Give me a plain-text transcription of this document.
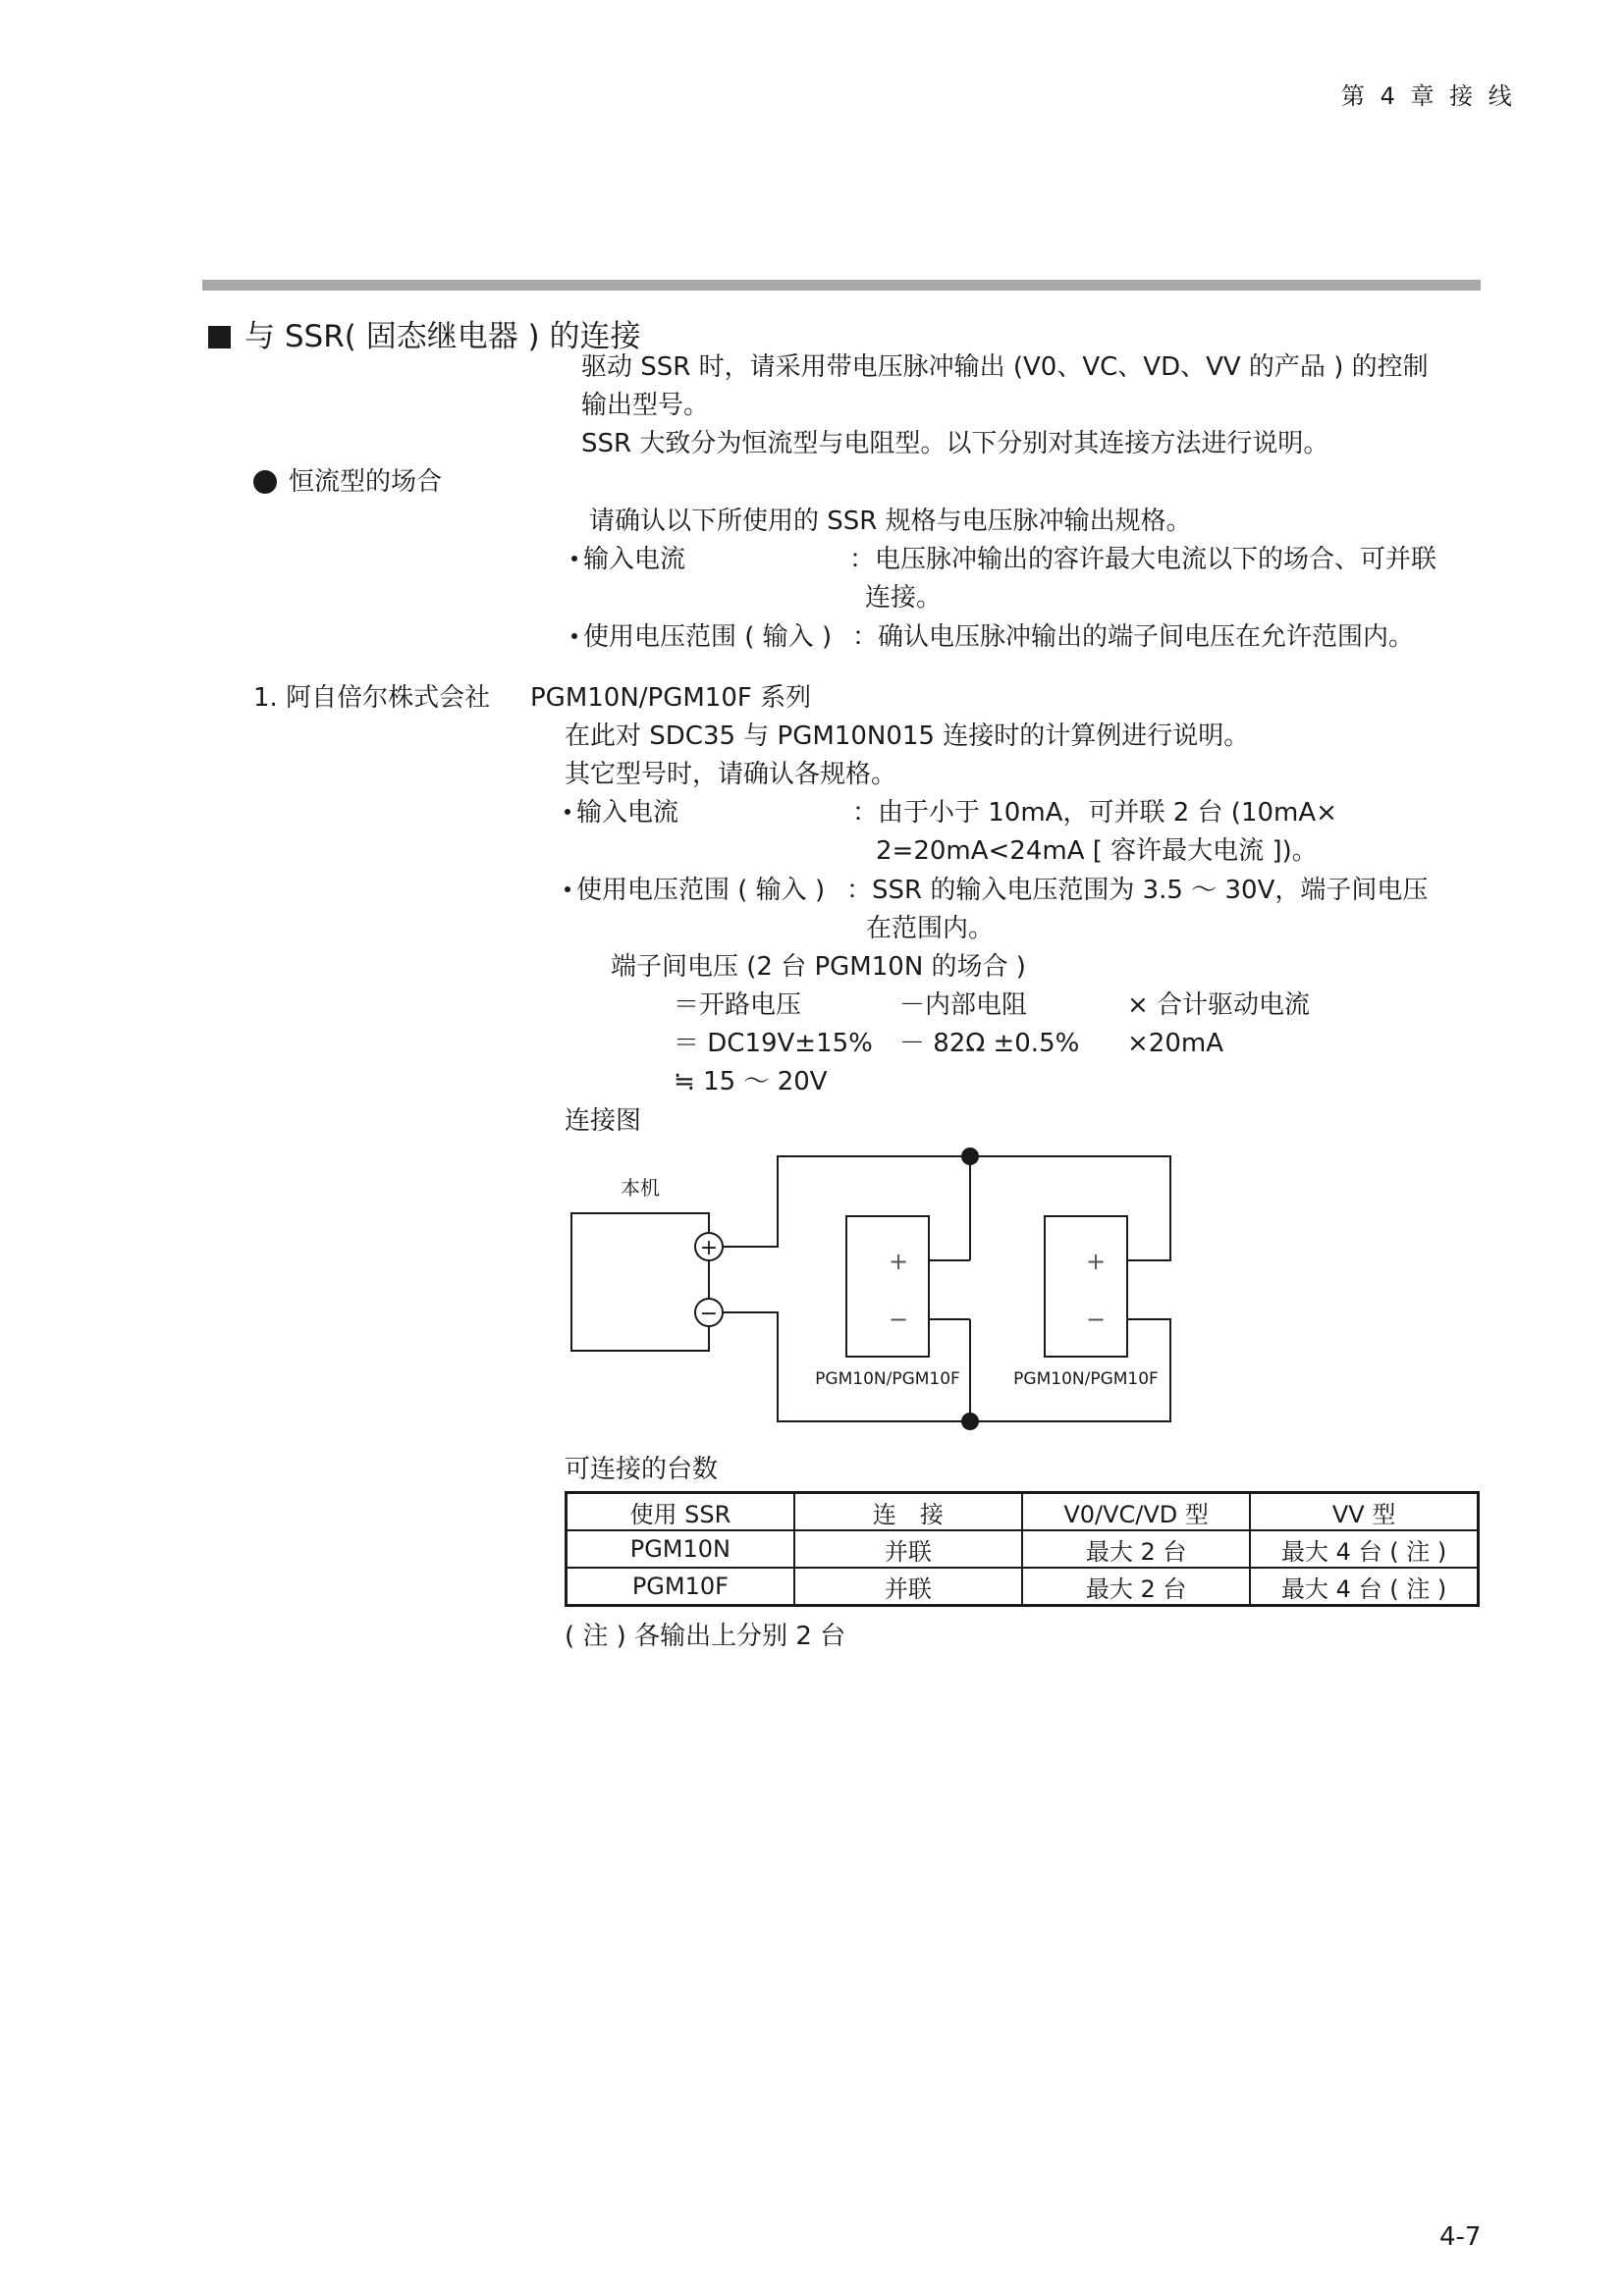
第 4 章 接 线
与 SSR( 固态继电器 ) 的连接
驱动 SSR 时，请采用带电压脉冲输出 (V0、VC、VD、VV 的产品 ) 的控制
输出型号。
SSR 大致分为恒流型与电阻型。以下分别对其连接方法进行说明。
恒流型的场合
请确认以下所使用的 SSR 规格与电压脉冲输出规格。
输入电流	：电压脉冲输出的容许最大电流以下的场合、可并联
连接。
使用电压范围 ( 输入 ) ：确认电压脉冲输出的端子间电压在允许范围内。
1. 阿自倍尔株式会社 PGM10N/PGM10F 系列
在此对 SDC35 与 PGM10N015 连接时的计算例进行说明。
其它型号时，请确认各规格。
输入电流	：由于小于 10mA，可并联 2 台 (10mA×
2=20mA<24mA [ 容许最大电流 ])。
使用电压范围 ( 输入 ) ：SSR 的输入电压范围为 3.5 ～ 30V，端子间电压
在范围内。
端子间电压 (2 台 PGM10N 的场合 )
＝开路电压	－内部电阻	× 合计驱动电流
＝ DC19V±15% － 82Ω ±0.5% ×20mA
≒ 15 ～ 20V
连接图
+
−
本机
+
−
+
−
PGM10N/PGM10F	PGM10N/PGM10F
可连接的台数
使用 SSR	连　接	V0/VC/VD 型	VV 型
PGM10N	并联	最大 2 台	最大 4 台 ( 注 )
PGM10F	并联	最大 2 台	最大 4 台 ( 注 )
( 注 ) 各输出上分别 2 台
4-7
